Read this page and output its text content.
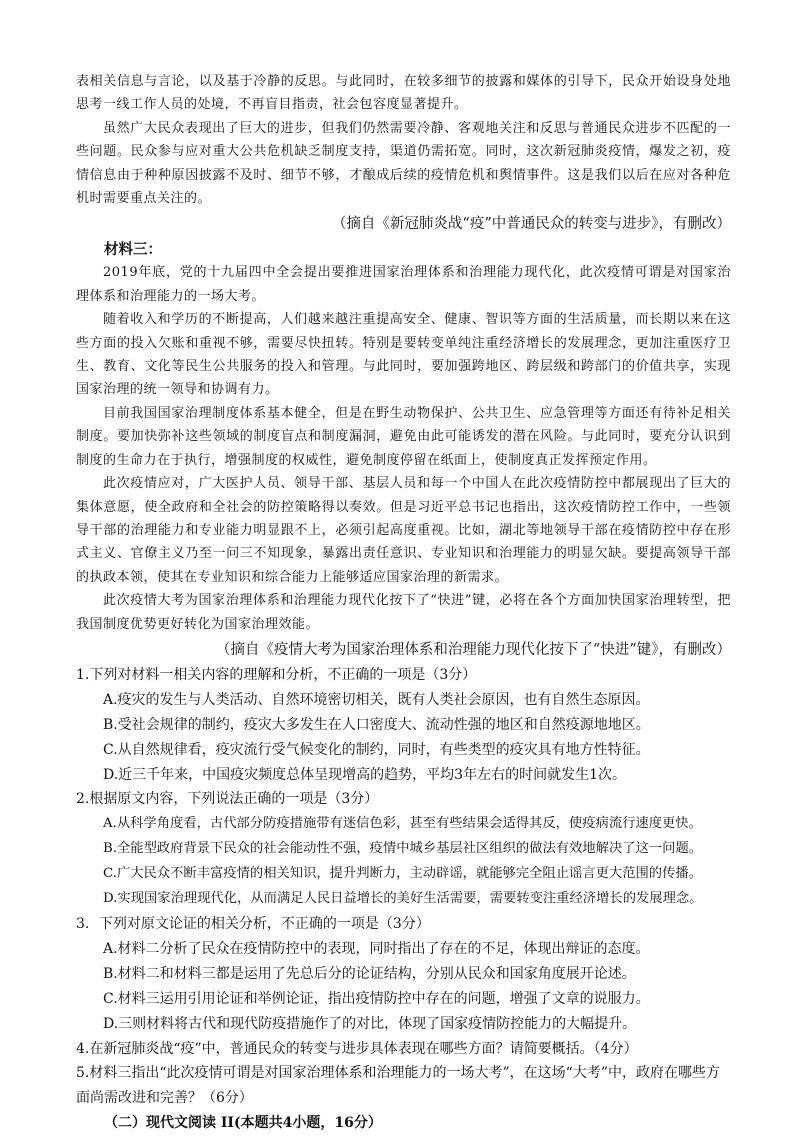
表相关信息与言论，以及基于冷静的反思。与此同时，在较多细节的披露和媒体的引导下，民众开始设身处地思考一线工作人员的处境，不再盲目指责，社会包容度显著提升。

虽然广大民众表现出了巨大的进步，但我们仍然需要冷静、客观地关注和反思与普通民众进步不匹配的一些问题。民众参与应对重大公共危机缺乏制度支持，渠道仍需拓宽。同时，这次新冠肺炎疫情，爆发之初，疫情信息由于种种原因披露不及时、细节不够，才酿成后续的疫情危机和舆情事件。这是我们以后在应对各种危机时需要重点关注的。

（摘自《新冠肺炎战“疫”中普通民众的转变与进步》，有删改）

材料三：

2019年底，党的十九届四中全会提出要推进国家治理体系和治理能力现代化，此次疫情可谓是对国家治理体系和治理能力的一场大考。

随着收入和学历的不断提高，人们越来越注重提高安全、健康、智识等方面的生活质量，而长期以来在这些方面的投入欠账和重视不够，需要尽快扭转。特别是要转变单纯注重经济增长的发展理念，更加注重医疗卫生、教育、文化等民生公共服务的投入和管理。与此同时，要加强跨地区、跨层级和跨部门的价值共享，实现国家治理的统一领导和协调有力。

目前我国国家治理制度体系基本健全，但是在野生动物保护、公共卫生、应急管理等方面还有待补足相关制度。要加快弥补这些领域的制度盲点和制度漏洞，避免由此可能诱发的潜在风险。与此同时，要充分认识到制度的生命力在于执行，增强制度的权威性，避免制度停留在纸面上，使制度真正发挥预定作用。

此次疫情应对，广大医护人员、领导干部、基层人员和每一个中国人在此次疫情防控中都展现出了巨大的集体意愿，使全政府和全社会的防控策略得以奏效。但是习近平总书记也指出，这次疫情防控工作中，一些领导干部的治理能力和专业能力明显跟不上，必须引起高度重视。比如，湖北等地领导干部在疫情防控中存在形式主义、官僚主义乃至一问三不知现象，暴露出责任意识、专业知识和治理能力的明显欠缺。要提高领导干部的执政本领，使其在专业知识和综合能力上能够适应国家治理的新需求。

此次疫情大考为国家治理体系和治理能力现代化按下了“快进”键，必将在各个方面加快国家治理转型，把我国制度优势更好转化为国家治理效能。

（摘自《疫情大考为国家治理体系和治理能力现代化按下了“快进”键》，有删改）

1.下列对材料一相关内容的理解和分析，不正确的一项是（3分）

A.疫灾的发生与人类活动、自然环境密切相关，既有人类社会原因，也有自然生态原因。

B.受社会规律的制约，疫灾大多发生在人口密度大、流动性强的地区和自然疫源地地区。

C.从自然规律看，疫灾流行受气候变化的制约，同时，有些类型的疫灾具有地方性特征。

D.近三千年来，中国疫灾频度总体呈现增高的趋势，平均3年左右的时间就发生1次。

2.根据原文内容，下列说法正确的一项是（3分）

A.从科学角度看，古代部分防疫措施带有迷信色彩，甚至有些结果会适得其反，使疫病流行速度更快。

B.全能型政府背景下民众的社会能动性不强，疫情中城乡基层社区组织的做法有效地解决了这一问题。

C.广大民众不断丰富疫情的相关知识，提升判断力，主动辟谣，就能够完全阻止谣言更大范围的传播。

D.实现国家治理现代化，从而满足人民日益增长的美好生活需要，需要转变注重经济增长的发展理念。

3．下列对原文论证的相关分析，不正确的一项是（3分）

A.材料二分析了民众在疫情防控中的表现，同时指出了存在的不足，体现出辩证的态度。

B.材料二和材料三都是运用了先总后分的论证结构，分别从民众和国家角度展开论述。

C.材料三运用引用论证和举例论证，指出疫情防控中存在的问题，增强了文章的说服力。

D.三则材料将古代和现代防疫措施作了的对比，体现了国家疫情防控能力的大幅提升。

4.在新冠肺炎战“疫”中，普通民众的转变与进步具体表现在哪些方面？请简要概括。（4分）

5.材料三指出“此次疫情可谓是对国家治理体系和治理能力的一场大考”，在这场“大考”中，政府在哪些方面尚需改进和完善？（6分）

（二）现代文阅读 II(本题共4小题，16分）
